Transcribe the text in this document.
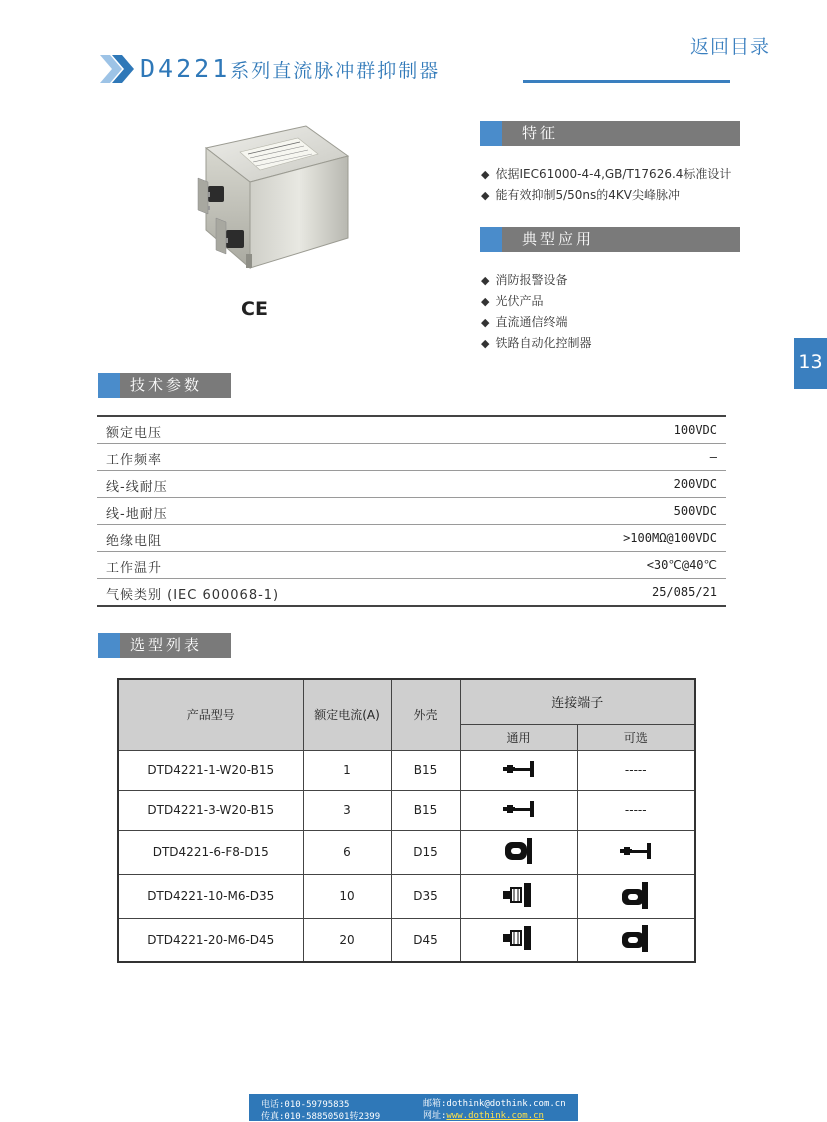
返回目录
D4221系列直流脉冲群抑制器
CE
特征
◆ 依据IEC61000-4-4,GB/T17626.4标准设计
◆ 能有效抑制5/50ns的4KV尖峰脉冲
典型应用
◆ 消防报警设备
◆ 光伏产品
◆ 直流通信终端
◆ 铁路自动化控制器
13
技术参数
额定电压	100VDC
工作频率	—
线-线耐压	200VDC
线-地耐压	500VDC
绝缘电阻	>100MΩ@100VDC
工作温升	<30℃@40℃
气候类别 (IEC 600068-1)	25/085/21
选型列表
产品型号	额定电流(A)	外壳	连接端子	
			通用	可选
DTD4221-1-W20-B15	1	B15		-----
DTD4221-3-W20-B15	3	B15		-----
DTD4221-6-F8-D15	6	D15		
DTD4221-10-M6-D35	10	D35		
DTD4221-20-M6-D45	20	D45		
电话:010-59795835
传真:010-58850501转2399
邮箱:dothink@dothink.com.cn
网址:www.dothink.com.cn
